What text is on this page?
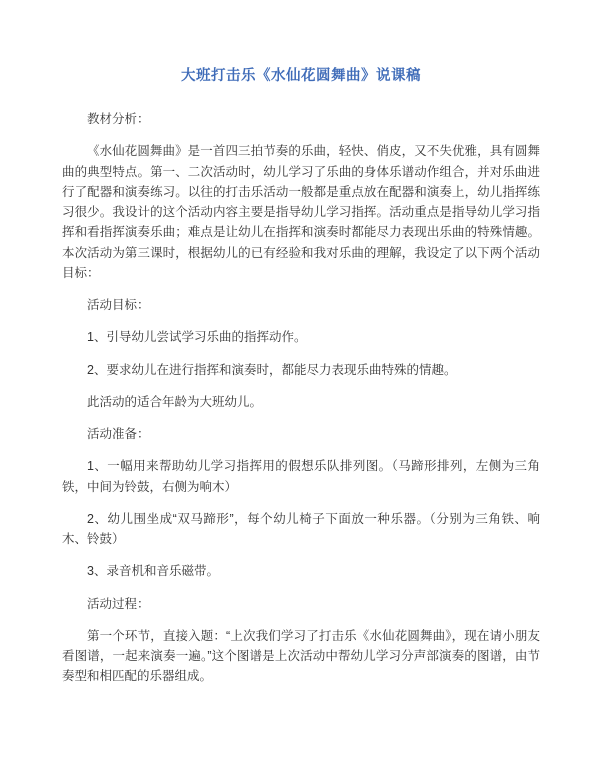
大班打击乐《水仙花圆舞曲》说课稿

教材分析：

《水仙花圆舞曲》是一首四三拍节奏的乐曲，轻快、俏皮，又不失优雅，具有圆舞曲的典型特点。第一、二次活动时，幼儿学习了乐曲的身体乐谱动作组合，并对乐曲进行了配器和演奏练习。以往的打击乐活动一般都是重点放在配器和演奏上，幼儿指挥练习很少。我设计的这个活动内容主要是指导幼儿学习指挥。活动重点是指导幼儿学习指挥和看指挥演奏乐曲；难点是让幼儿在指挥和演奏时都能尽力表现出乐曲的特殊情趣。本次活动为第三课时，根据幼儿的已有经验和我对乐曲的理解，我设定了以下两个活动目标：

活动目标：

1、引导幼儿尝试学习乐曲的指挥动作。

2、要求幼儿在进行指挥和演奏时，都能尽力表现乐曲特殊的情趣。

此活动的适合年龄为大班幼儿。

活动准备：

1、一幅用来帮助幼儿学习指挥用的假想乐队排列图。（马蹄形排列，左侧为三角铁，中间为铃鼓，右侧为响木）

2、幼儿围坐成“双马蹄形”，每个幼儿椅子下面放一种乐器。（分别为三角铁、响木、铃鼓）

3、录音机和音乐磁带。

活动过程：

第一个环节，直接入题：“上次我们学习了打击乐《水仙花圆舞曲》，现在请小朋友看图谱，一起来演奏一遍。”这个图谱是上次活动中帮幼儿学习分声部演奏的图谱，由节奏型和相匹配的乐器组成。
